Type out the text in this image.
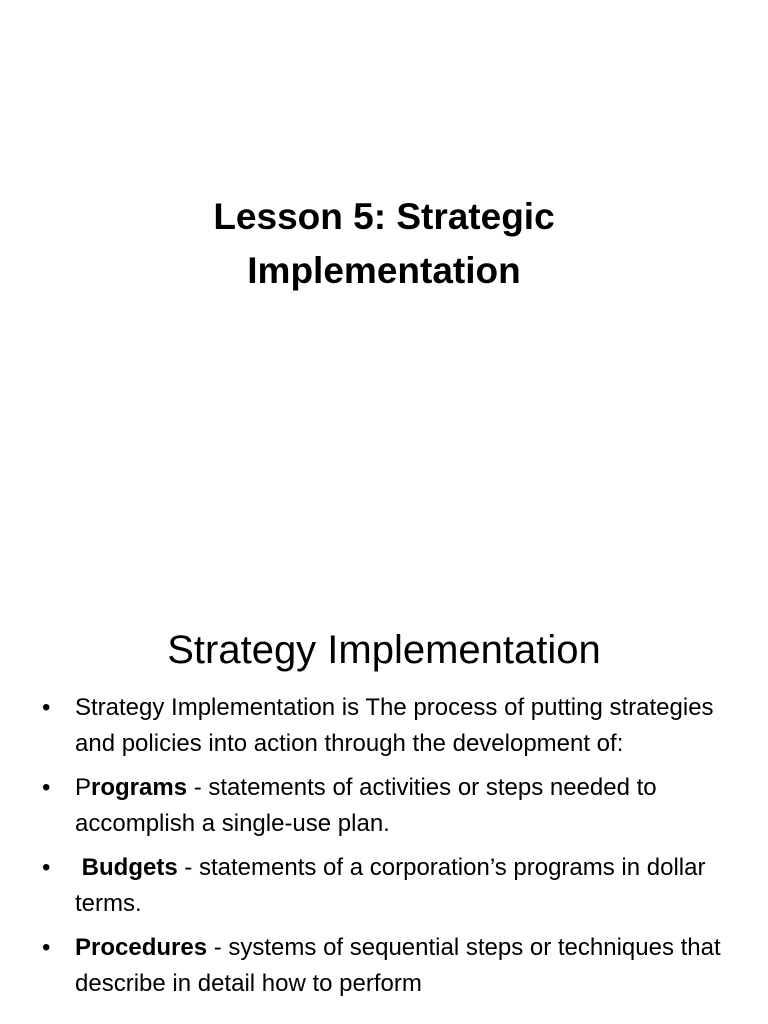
Lesson 5: Strategic
Implementation
Strategy Implementation
• Strategy Implementation is The process of putting strategies and policies into action through the development of:
• Programs - statements of activities or steps needed to accomplish a single-use plan.
• Budgets - statements of a corporation’s programs in dollar terms.
• Procedures - systems of sequential steps or techniques that describe in detail how to perform
